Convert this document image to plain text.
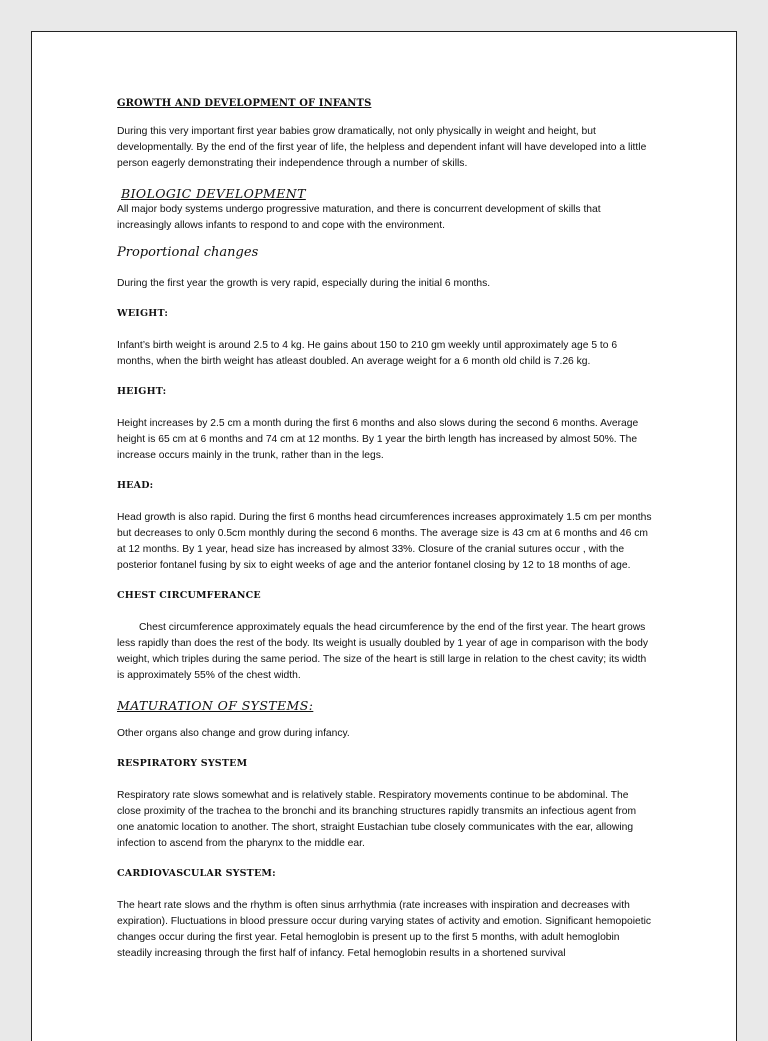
GROWTH AND DEVELOPMENT OF INFANTS

During this very important first year babies grow dramatically, not only physically in weight and height, but developmentally. By the end of the first year of life, the helpless and dependent infant will have developed into a little person eagerly demonstrating their independence through a number of skills.

BIOLOGIC DEVELOPMENT

All major body systems undergo progressive maturation, and there is concurrent development of skills that increasingly allows infants to respond to and cope with the environment.

Proportional changes

During the first year the growth is very rapid, especially during the initial 6 months.

WEIGHT:

Infant’s birth weight is around 2.5 to 4 kg. He gains about 150 to 210 gm weekly until approximately age 5 to 6 months, when the birth weight has atleast doubled. An average weight for a 6 month old child is 7.26 kg.

HEIGHT:

Height increases by 2.5 cm a month during the first 6 months and also slows during the second 6 months. Average height is 65 cm at 6 months and 74 cm at 12 months. By 1 year the birth length has increased by almost 50%. The increase occurs mainly in the trunk, rather than in the legs.

HEAD:

Head growth is also rapid. During the first 6 months head circumferences increases approximately 1.5 cm per months but decreases to only 0.5cm monthly during the second 6 months. The average size is 43 cm at 6 months and 46 cm at 12 months. By 1 year, head size has increased by almost 33%. Closure of the cranial sutures occur , with the posterior fontanel fusing by six to eight weeks of age and the anterior fontanel closing by 12 to 18 months of age.

CHEST CIRCUMFERANCE

Chest circumference approximately equals the head circumference by the end of the first year. The heart grows less rapidly than does the rest of the body. Its weight is usually doubled by 1 year of age in comparison with the body weight, which triples during the same period. The size of the heart is still large in relation to the chest cavity; its width is approximately 55% of the chest width.

MATURATION OF SYSTEMS:

Other organs also change and grow during infancy.

RESPIRATORY SYSTEM

Respiratory rate slows somewhat and is relatively stable. Respiratory movements continue to be abdominal. The close proximity of the trachea to the bronchi and its branching structures rapidly transmits an infectious agent from one anatomic location to another. The short, straight Eustachian tube closely communicates with the ear, allowing infection to ascend from the pharynx to the middle ear.

CARDIOVASCULAR SYSTEM:

The heart rate slows and the rhythm is often sinus arrhythmia (rate increases with inspiration and decreases with expiration). Fluctuations in blood pressure occur during varying states of activity and emotion. Significant hemopoietic changes occur during the first year. Fetal hemoglobin is present up to the first 5 months, with adult hemoglobin steadily increasing through the first half of infancy. Fetal hemoglobin results in a shortened survival
